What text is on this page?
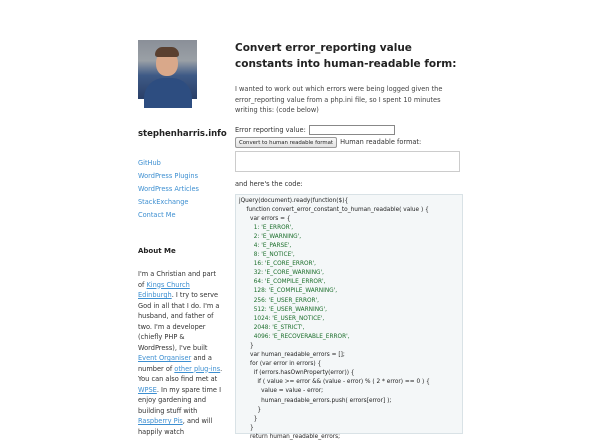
stephenharris.info
GitHub
WordPress Plugins
WordPress Articles
StackExchange
Contact Me
About Me
I'm a Christian and part of Kings Church Edinburgh. I try to serve God in all that I do. I'm a husband, and father of two. I'm a developer (chiefly PHP & WordPress), I've built Event Organiser and a number of other plug-ins. You can also find met at WPSE. In my spare time I enjoy gardening and building stuff with Raspberry Pis, and will happily watch
Convert error_reporting value constants into human-readable form:
I wanted to work out which errors were being logged given the error_reporting value from a php.ini file, so I spent 10 minutes writing this: (code below)
Error reporting value:
Convert to human readable format	Human readable format:
and here's the code:
jQuery(document).ready(function($){
function convert_error_constant_to_human_readable( value ) {
var errors = {
1: 'E_ERROR',
2: 'E_WARNING',
4: 'E_PARSE',
8: 'E_NOTICE',
16: 'E_CORE_ERROR',
32: 'E_CORE_WARNING',
64: 'E_COMPILE_ERROR',
128: 'E_COMPILE_WARNING',
256: 'E_USER_ERROR',
512: 'E_USER_WARNING',
1024: 'E_USER_NOTICE',
2048: 'E_STRICT',
4096: 'E_RECOVERABLE_ERROR',
}
var human_readable_errors = [];
for (var error in errors) {
if (errors.hasOwnProperty(error)) {
if ( value >= error && (value - error) % ( 2 * error) == 0 ) {
value = value - error;
human_readable_errors.push( errors[error] );
}
}
}
return human_readable_errors;
